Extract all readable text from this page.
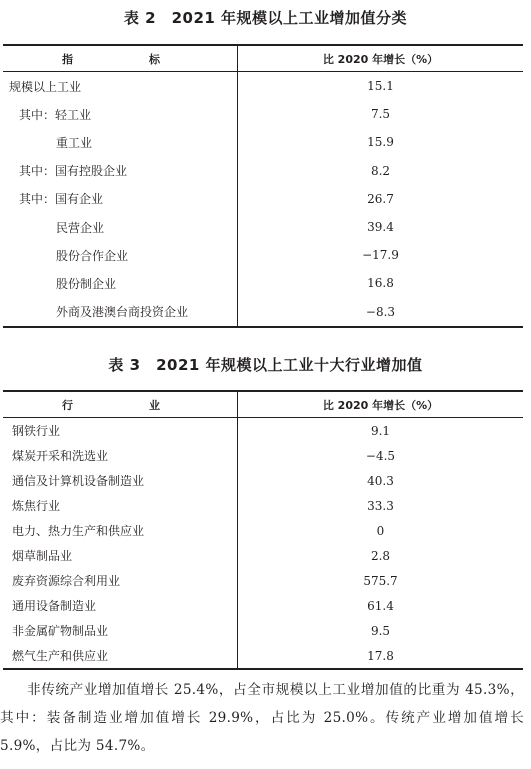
表 2　2021 年规模以上工业增加值分类

指　　标	比 2020 年增长（%）
规模以上工业	15.1
其中：轻工业	7.5
重工业	15.9
其中：国有控股企业	8.2
其中：国有企业	26.7
民营企业	39.4
股份合作企业	−17.9
股份制企业	16.8
外商及港澳台商投资企业	−8.3

表 3　2021 年规模以上工业十大行业增加值

行　　业	比 2020 年增长（%）
钢铁行业	9.1
煤炭开采和洗选业	−4.5
通信及计算机设备制造业	40.3
炼焦行业	33.3
电力、热力生产和供应业	0
烟草制品业	2.8
废弃资源综合利用业	575.7
通用设备制造业	61.4
非金属矿物制品业	9.5
燃气生产和供应业	17.8

非传统产业增加值增长 25.4%，占全市规模以上工业增加值的比重为 45.3%，其中：装备制造业增加值增长 29.9%，占比为 25.0%。传统产业增加值增长 5.9%，占比为 54.7%。
